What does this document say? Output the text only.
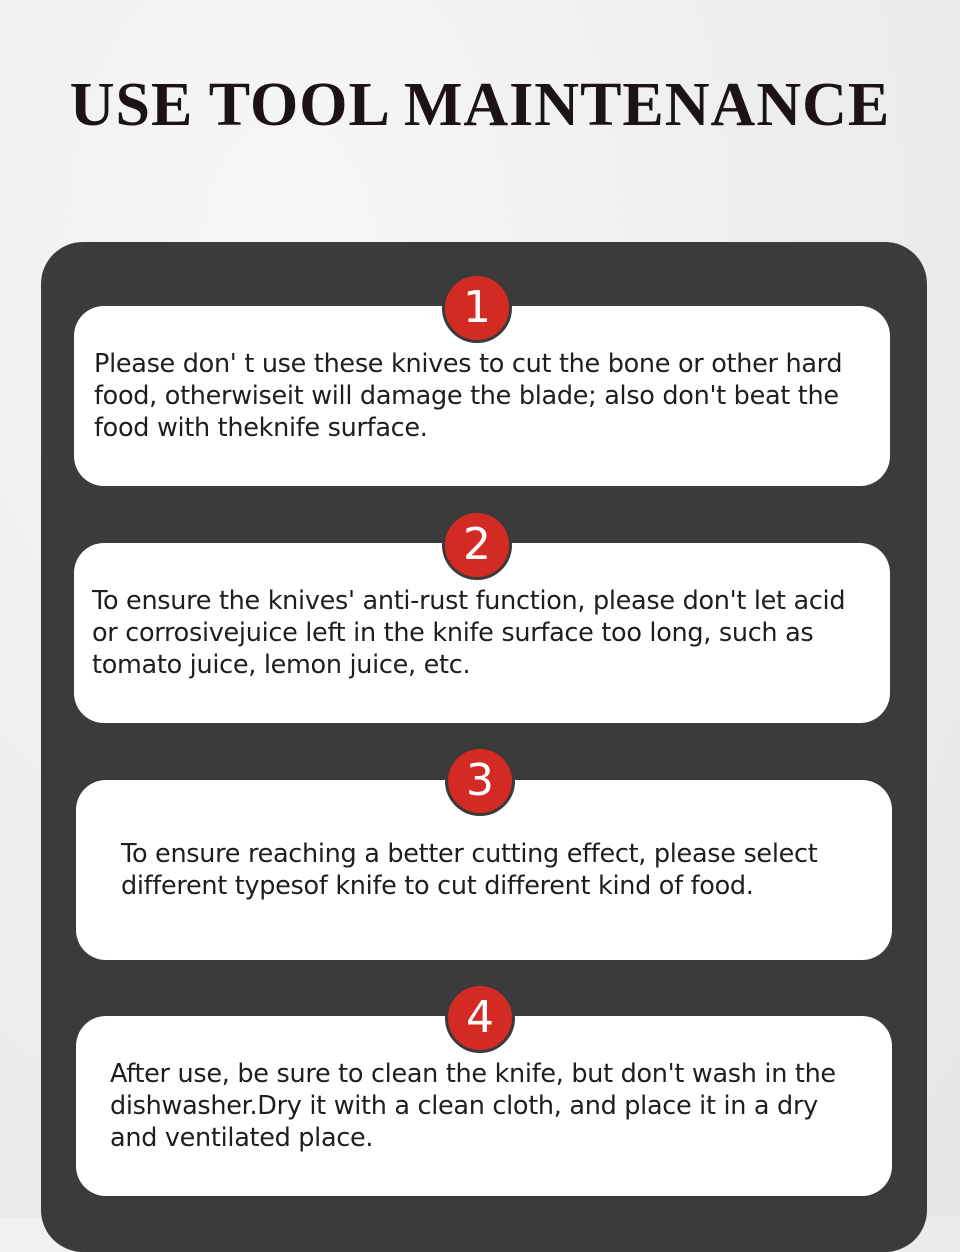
USE TOOL MAINTENANCE

Please don' t use these knives to cut the bone or other hard food, otherwiseit will damage the blade; also don't beat the food with theknife surface.

1

To ensure the knives' anti-rust function, please don't let acid or corrosivejuice left in the knife surface too long, such as tomato juice, lemon juice, etc.

2

To ensure reaching a better cutting effect, please select different typesof knife to cut different kind of food.

3

After use, be sure to clean the knife, but don't wash in the dishwasher.Dry it with a clean cloth, and place it in a dry and ventilated place.

4
